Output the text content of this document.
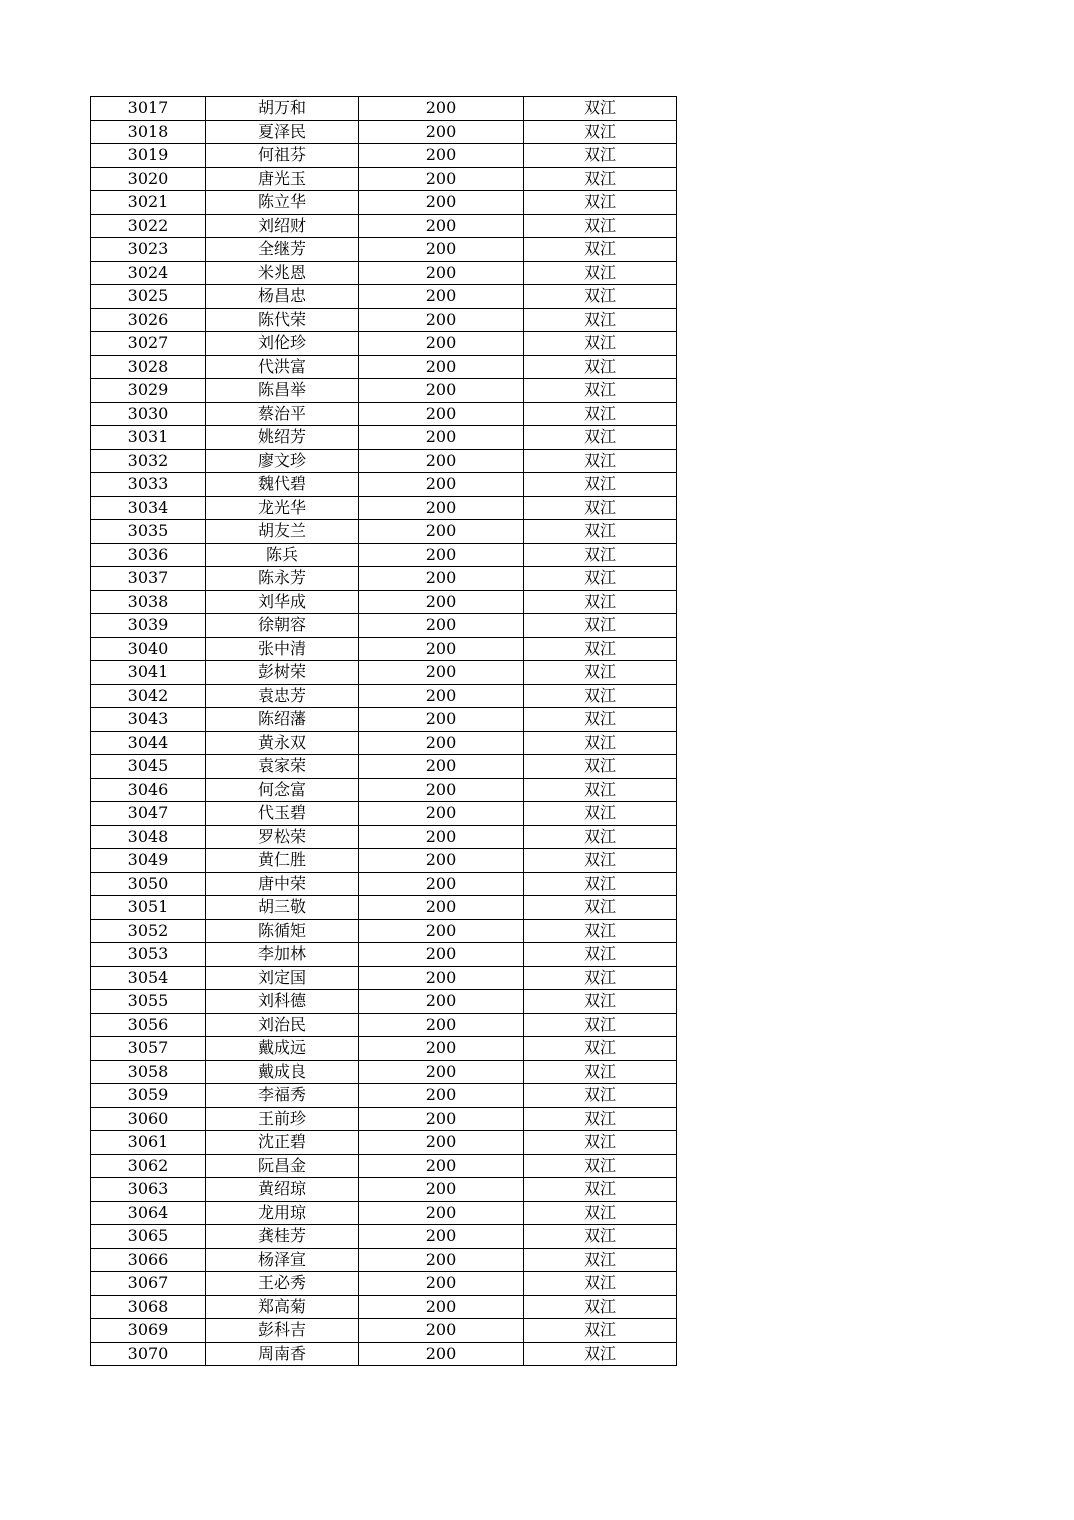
3017	胡万和	200	双江
3018	夏泽民	200	双江
3019	何祖芬	200	双江
3020	唐光玉	200	双江
3021	陈立华	200	双江
3022	刘绍财	200	双江
3023	全继芳	200	双江
3024	米兆恩	200	双江
3025	杨昌忠	200	双江
3026	陈代荣	200	双江
3027	刘伦珍	200	双江
3028	代洪富	200	双江
3029	陈昌举	200	双江
3030	蔡治平	200	双江
3031	姚绍芳	200	双江
3032	廖文珍	200	双江
3033	魏代碧	200	双江
3034	龙光华	200	双江
3035	胡友兰	200	双江
3036	陈兵	200	双江
3037	陈永芳	200	双江
3038	刘华成	200	双江
3039	徐朝容	200	双江
3040	张中清	200	双江
3041	彭树荣	200	双江
3042	袁忠芳	200	双江
3043	陈绍藩	200	双江
3044	黄永双	200	双江
3045	袁家荣	200	双江
3046	何念富	200	双江
3047	代玉碧	200	双江
3048	罗松荣	200	双江
3049	黄仁胜	200	双江
3050	唐中荣	200	双江
3051	胡三敬	200	双江
3052	陈循矩	200	双江
3053	李加林	200	双江
3054	刘定国	200	双江
3055	刘科德	200	双江
3056	刘治民	200	双江
3057	戴成远	200	双江
3058	戴成良	200	双江
3059	李福秀	200	双江
3060	王前珍	200	双江
3061	沈正碧	200	双江
3062	阮昌金	200	双江
3063	黄绍琼	200	双江
3064	龙用琼	200	双江
3065	龚桂芳	200	双江
3066	杨泽宣	200	双江
3067	王必秀	200	双江
3068	郑高菊	200	双江
3069	彭科吉	200	双江
3070	周南香	200	双江
